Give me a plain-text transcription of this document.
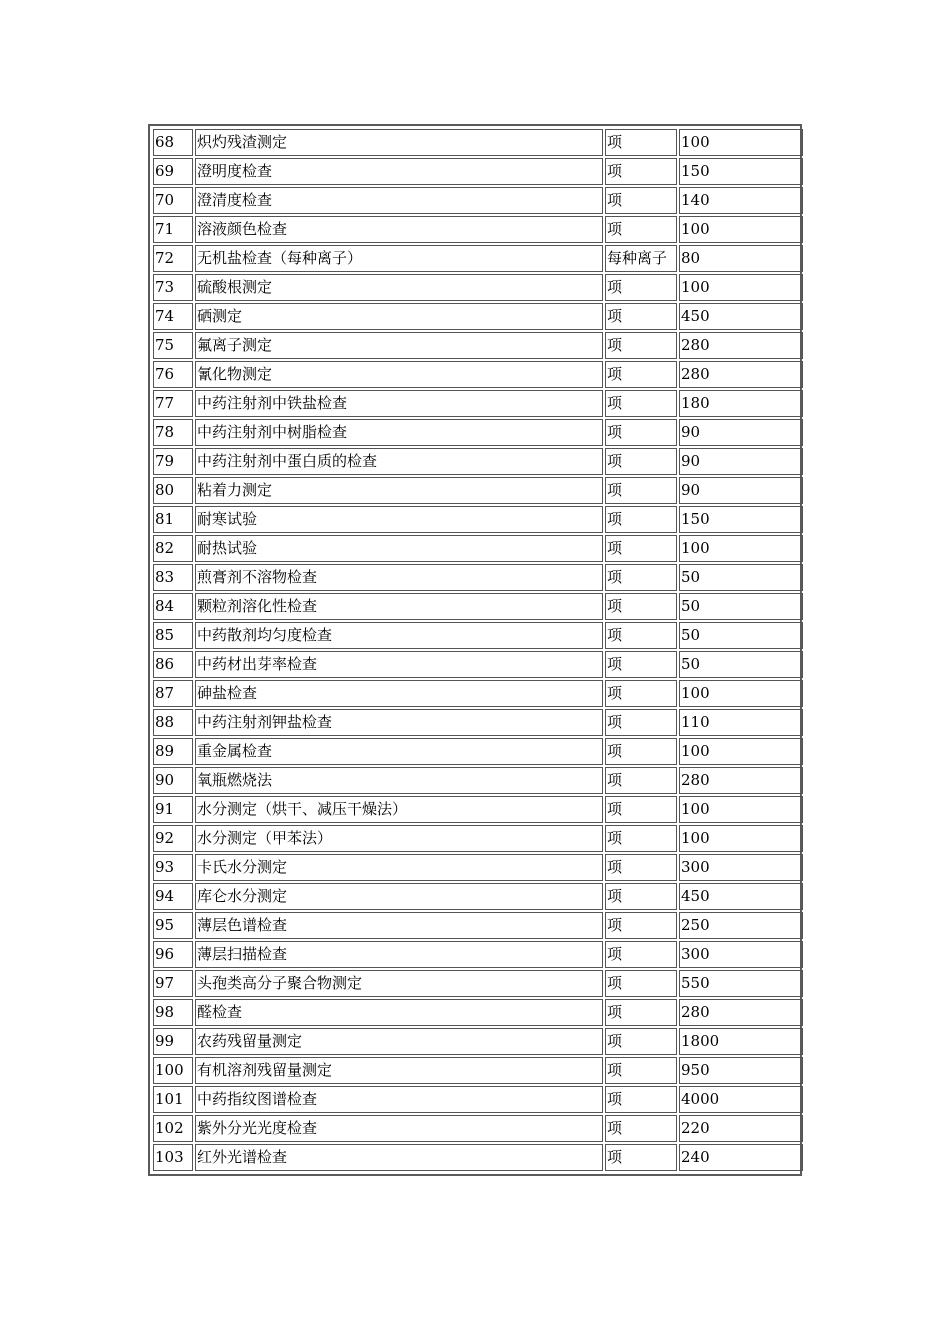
68	炽灼残渣测定	项	100
69	澄明度检查	项	150
70	澄清度检查	项	140
71	溶液颜色检查	项	100
72	无机盐检查（每种离子）	每种离子	80
73	硫酸根测定	项	100
74	硒测定	项	450
75	氟离子测定	项	280
76	氰化物测定	项	280
77	中药注射剂中铁盐检查	项	180
78	中药注射剂中树脂检查	项	90
79	中药注射剂中蛋白质的检查	项	90
80	粘着力测定	项	90
81	耐寒试验	项	150
82	耐热试验	项	100
83	煎膏剂不溶物检查	项	50
84	颗粒剂溶化性检查	项	50
85	中药散剂均匀度检查	项	50
86	中药材出芽率检查	项	50
87	砷盐检查	项	100
88	中药注射剂钾盐检查	项	110
89	重金属检查	项	100
90	氧瓶燃烧法	项	280
91	水分测定（烘干、减压干燥法）	项	100
92	水分测定（甲苯法）	项	100
93	卡氏水分测定	项	300
94	库仑水分测定	项	450
95	薄层色谱检查	项	250
96	薄层扫描检查	项	300
97	头孢类高分子聚合物测定	项	550
98	醛检查	项	280
99	农药残留量测定	项	1800
100	有机溶剂残留量测定	项	950
101	中药指纹图谱检查	项	4000
102	紫外分光光度检查	项	220
103	红外光谱检查	项	240
